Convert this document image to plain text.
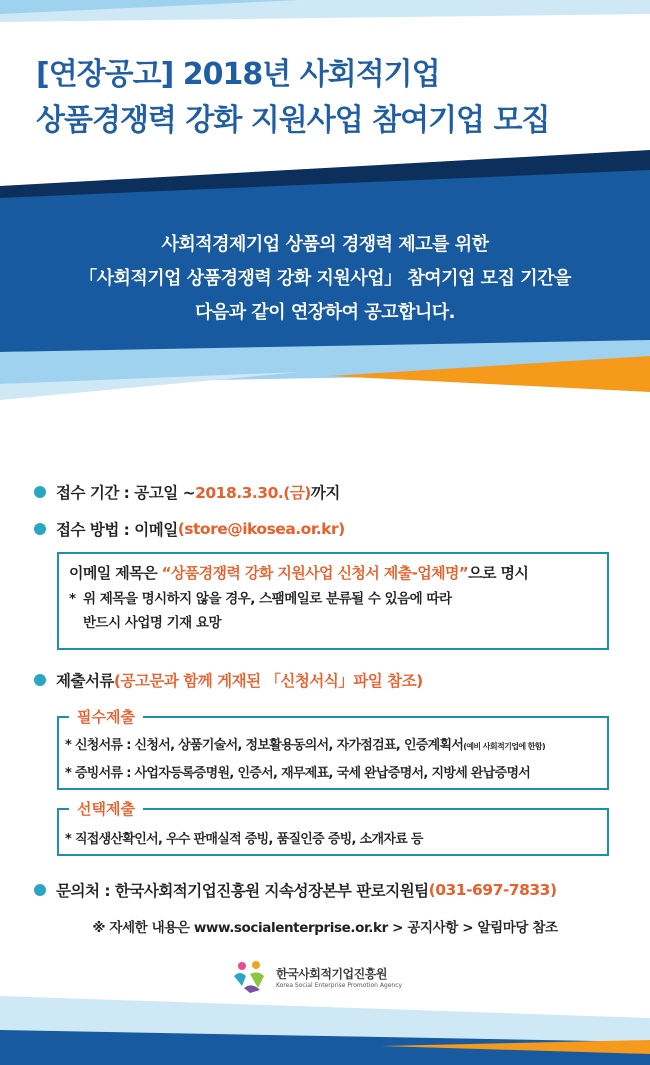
[연장공고] 2018년 사회적기업
상품경쟁력 강화 지원사업 참여기업 모집
사회적경제기업 상품의 경쟁력 제고를 위한
「사회적기업 상품경쟁력 강화 지원사업」 참여기업 모집 기간을
다음과 같이 연장하여 공고합니다.
접수 기간 : 공고일 ~ 2018.3.30.(금) 까지
접수 방법 : 이메일 (store@ikosea.or.kr)
이메일 제목은 “상품경쟁력 강화 지원사업 신청서 제출-업체명”으로 명시
* 위 제목을 명시하지 않을 경우, 스팸메일로 분류될 수 있음에 따라
반드시 사업명 기재 요망
제출서류 (공고문과 함께 게재된 「신청서식」파일 참조)
필수제출
* 신청서류 : 신청서, 상품기술서, 정보활용동의서, 자가점검표, 인증계획서(예비 사회적기업에 한함)
* 증빙서류 : 사업자등록증명원, 인증서, 재무제표, 국세 완납증명서, 지방세 완납증명서
선택제출
* 직접생산확인서, 우수 판매실적 증빙, 품질인증 증빙, 소개자료 등
문의처 : 한국사회적기업진흥원 지속성장본부 판로지원팀 (031-697-7833)
※ 자세한 내용은 www.socialenterprise.or.kr > 공지사항 > 알림마당 참조
한국사회적기업진흥원
Korea Social Enterprise Promotion Agency
